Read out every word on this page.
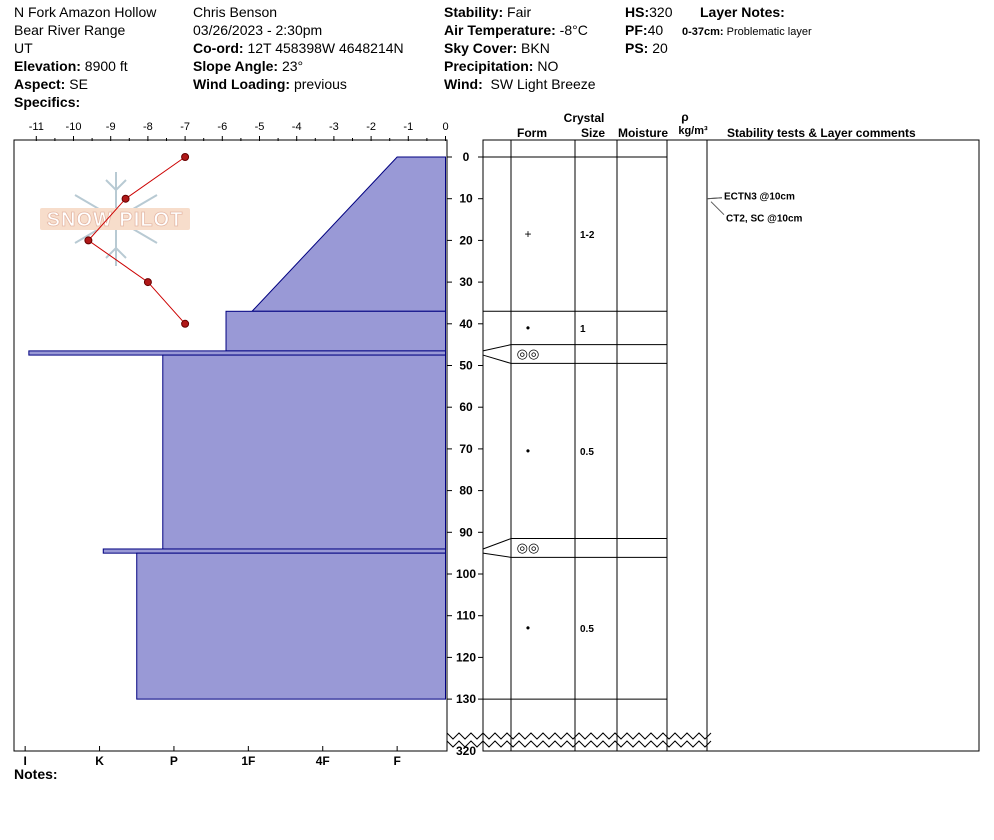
N Fork Amazon Hollow
Bear River Range
UT
Elevation: 8900 ft
Aspect: SE
Specifics:
Chris Benson
03/26/2023 - 2:30pm
Co-ord: 12T 458398W 4648214N
Slope Angle: 23°
Wind Loading: previous
Stability: Fair
Air Temperature: -8°C
Sky Cover: BKN
Precipitation: NO
Wind: SW Light Breeze
HS:320
PF:40
PS: 20
Layer Notes:
0-37cm: Problematic layer
Notes:
SNOW PILOT
-11 -10 -9 -8 -7 -6 -5 -4 -3 -2 -1	0
I	K	P	1F	4F	F
0
10
20
30
40
50
60
70
80
90
100
110
120
130
320
Crystal
Form	Size Moisture
ρ
kg/m³ Stability tests & Layer comments
+	1-2
•	1
◎◎
•	0.5
◎◎
•	0.5
ECTN3 @10cm
CT2, SC @10cm
